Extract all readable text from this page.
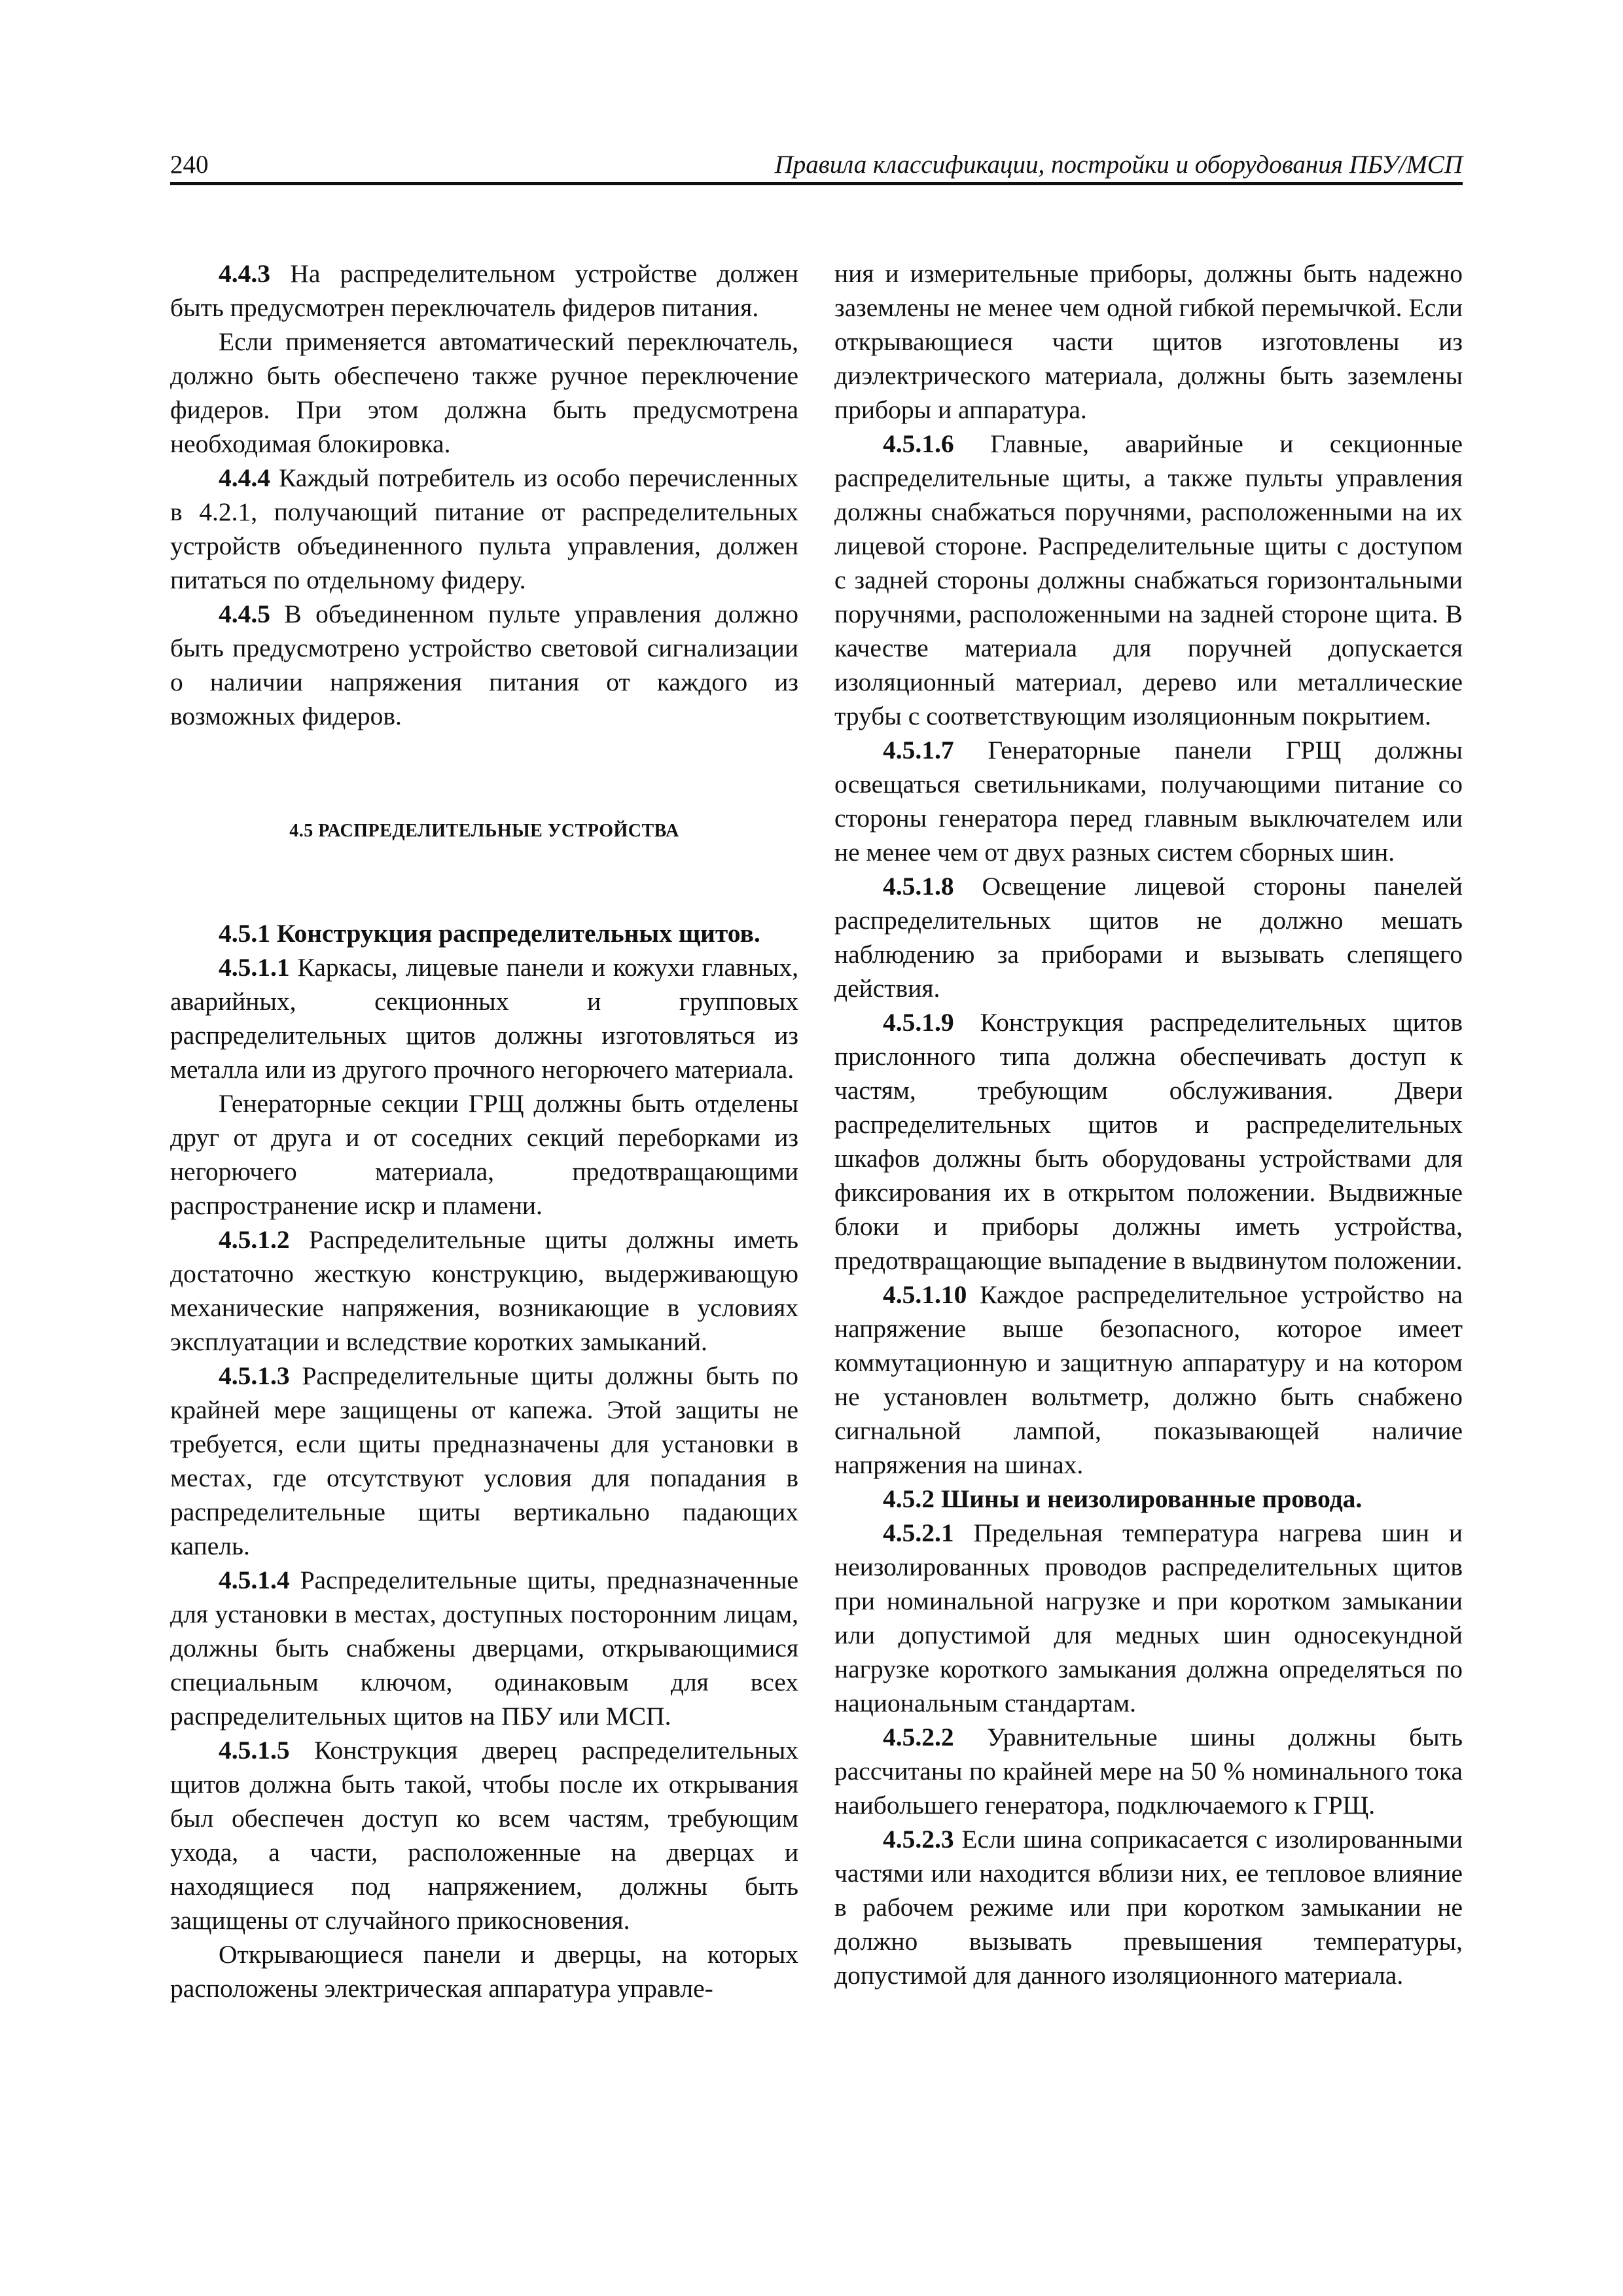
240	Правила классификации, постройки и оборудования ПБУ/МСП

4.4.3 На распределительном устройстве должен быть предусмотрен переключатель фидеров питания.

Если применяется автоматический переключатель, должно быть обеспечено также ручное переключение фидеров. При этом должна быть предусмотрена необходимая блокировка.

4.4.4 Каждый потребитель из особо перечисленных в 4.2.1, получающий питание от распределительных устройств объединенного пульта управления, должен питаться по отдельному фидеру.

4.4.5 В объединенном пульте управления должно быть предусмотрено устройство световой сигнализации о наличии напряжения питания от каждого из возможных фидеров.

4.5 РАСПРЕДЕЛИТЕЛЬНЫЕ УСТРОЙСТВА

4.5.1 Конструкция распределительных щитов.

4.5.1.1 Каркасы, лицевые панели и кожухи главных, аварийных, секционных и групповых распределительных щитов должны изготовляться из металла или из другого прочного негорючего материала.

Генераторные секции ГРЩ должны быть отделены друг от друга и от соседних секций переборками из негорючего материала, предотвращающими распространение искр и пламени.

4.5.1.2 Распределительные щиты должны иметь достаточно жесткую конструкцию, выдерживающую механические напряжения, возникающие в условиях эксплуатации и вследствие коротких замыканий.

4.5.1.3 Распределительные щиты должны быть по крайней мере защищены от капежа. Этой защиты не требуется, если щиты предназначены для установки в местах, где отсутствуют условия для попадания в распределительные щиты вертикально падающих капель.

4.5.1.4 Распределительные щиты, предназначенные для установки в местах, доступных посторонним лицам, должны быть снабжены дверцами, открывающимися специальным ключом, одинаковым для всех распределительных щитов на ПБУ или МСП.

4.5.1.5 Конструкция дверец распределительных щитов должна быть такой, чтобы после их открывания был обеспечен доступ ко всем частям, требующим ухода, а части, расположенные на дверцах и находящиеся под напряжением, должны быть защищены от случайного прикосновения.

Открывающиеся панели и дверцы, на которых расположены электрическая аппаратура управле-

ния и измерительные приборы, должны быть надежно заземлены не менее чем одной гибкой перемычкой. Если открывающиеся части щитов изготовлены из диэлектрического материала, должны быть заземлены приборы и аппаратура.

4.5.1.6 Главные, аварийные и секционные распределительные щиты, а также пульты управления должны снабжаться поручнями, расположенными на их лицевой стороне. Распределительные щиты с доступом с задней стороны должны снабжаться горизонтальными поручнями, расположенными на задней стороне щита. В качестве материала для поручней допускается изоляционный материал, дерево или металлические трубы с соответствующим изоляционным покрытием.

4.5.1.7 Генераторные панели ГРЩ должны освещаться светильниками, получающими питание со стороны генератора перед главным выключателем или не менее чем от двух разных систем сборных шин.

4.5.1.8 Освещение лицевой стороны панелей распределительных щитов не должно мешать наблюдению за приборами и вызывать слепящего действия.

4.5.1.9 Конструкция распределительных щитов прислонного типа должна обеспечивать доступ к частям, требующим обслуживания. Двери распределительных щитов и распределительных шкафов должны быть оборудованы устройствами для фиксирования их в открытом положении. Выдвижные блоки и приборы должны иметь устройства, предотвращающие выпадение в выдвинутом положении.

4.5.1.10 Каждое распределительное устройство на напряжение выше безопасного, которое имеет коммутационную и защитную аппаратуру и на котором не установлен вольтметр, должно быть снабжено сигнальной лампой, показывающей наличие напряжения на шинах.

4.5.2 Шины и неизолированные провода.

4.5.2.1 Предельная температура нагрева шин и неизолированных проводов распределительных щитов при номинальной нагрузке и при коротком замыкании или допустимой для медных шин односекундной нагрузке короткого замыкания должна определяться по национальным стандартам.

4.5.2.2 Уравнительные шины должны быть рассчитаны по крайней мере на 50 % номинального тока наибольшего генератора, подключаемого к ГРЩ.

4.5.2.3 Если шина соприкасается с изолированными частями или находится вблизи них, ее тепловое влияние в рабочем режиме или при коротком замыкании не должно вызывать превышения температуры, допустимой для данного изоляционного материала.
